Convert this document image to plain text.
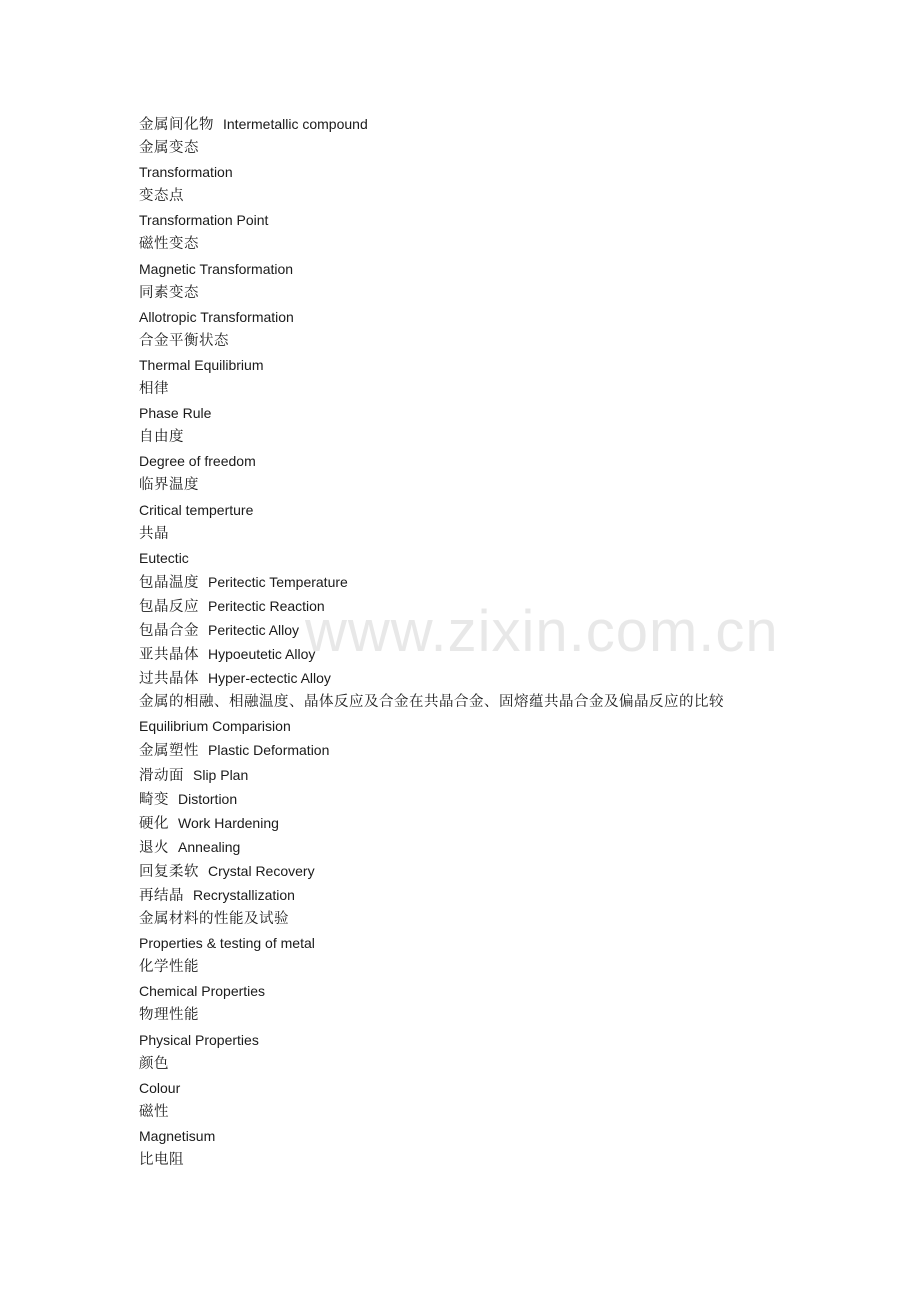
金属间化物 Intermetallic compound
金属变态
Transformation
变态点
Transformation Point
磁性变态
Magnetic Transformation
同素变态
Allotropic Transformation
合金平衡状态
Thermal Equilibrium
相律
Phase Rule
自由度
Degree of freedom
临界温度
Critical temperture
共晶
Eutectic
包晶温度 Peritectic Temperature
包晶反应 Peritectic Reaction
包晶合金 Peritectic Alloy
亚共晶体 Hypoeutetic Alloy
过共晶体 Hyper-ectectic Alloy
金属的相融、相融温度、晶体反应及合金在共晶合金、固熔蕴共晶合金及偏晶反应的比较
Equilibrium Comparision
金属塑性 Plastic Deformation
滑动面 Slip Plan
畸变 Distortion
硬化 Work Hardening
退火 Annealing
回复柔软 Crystal Recovery
再结晶 Recrystallization
金属材料的性能及试验
Properties & testing of metal
化学性能
Chemical Properties
物理性能
Physical Properties
颜色
Colour
磁性
Magnetisum
比电阻
www.zixin.com.cn
